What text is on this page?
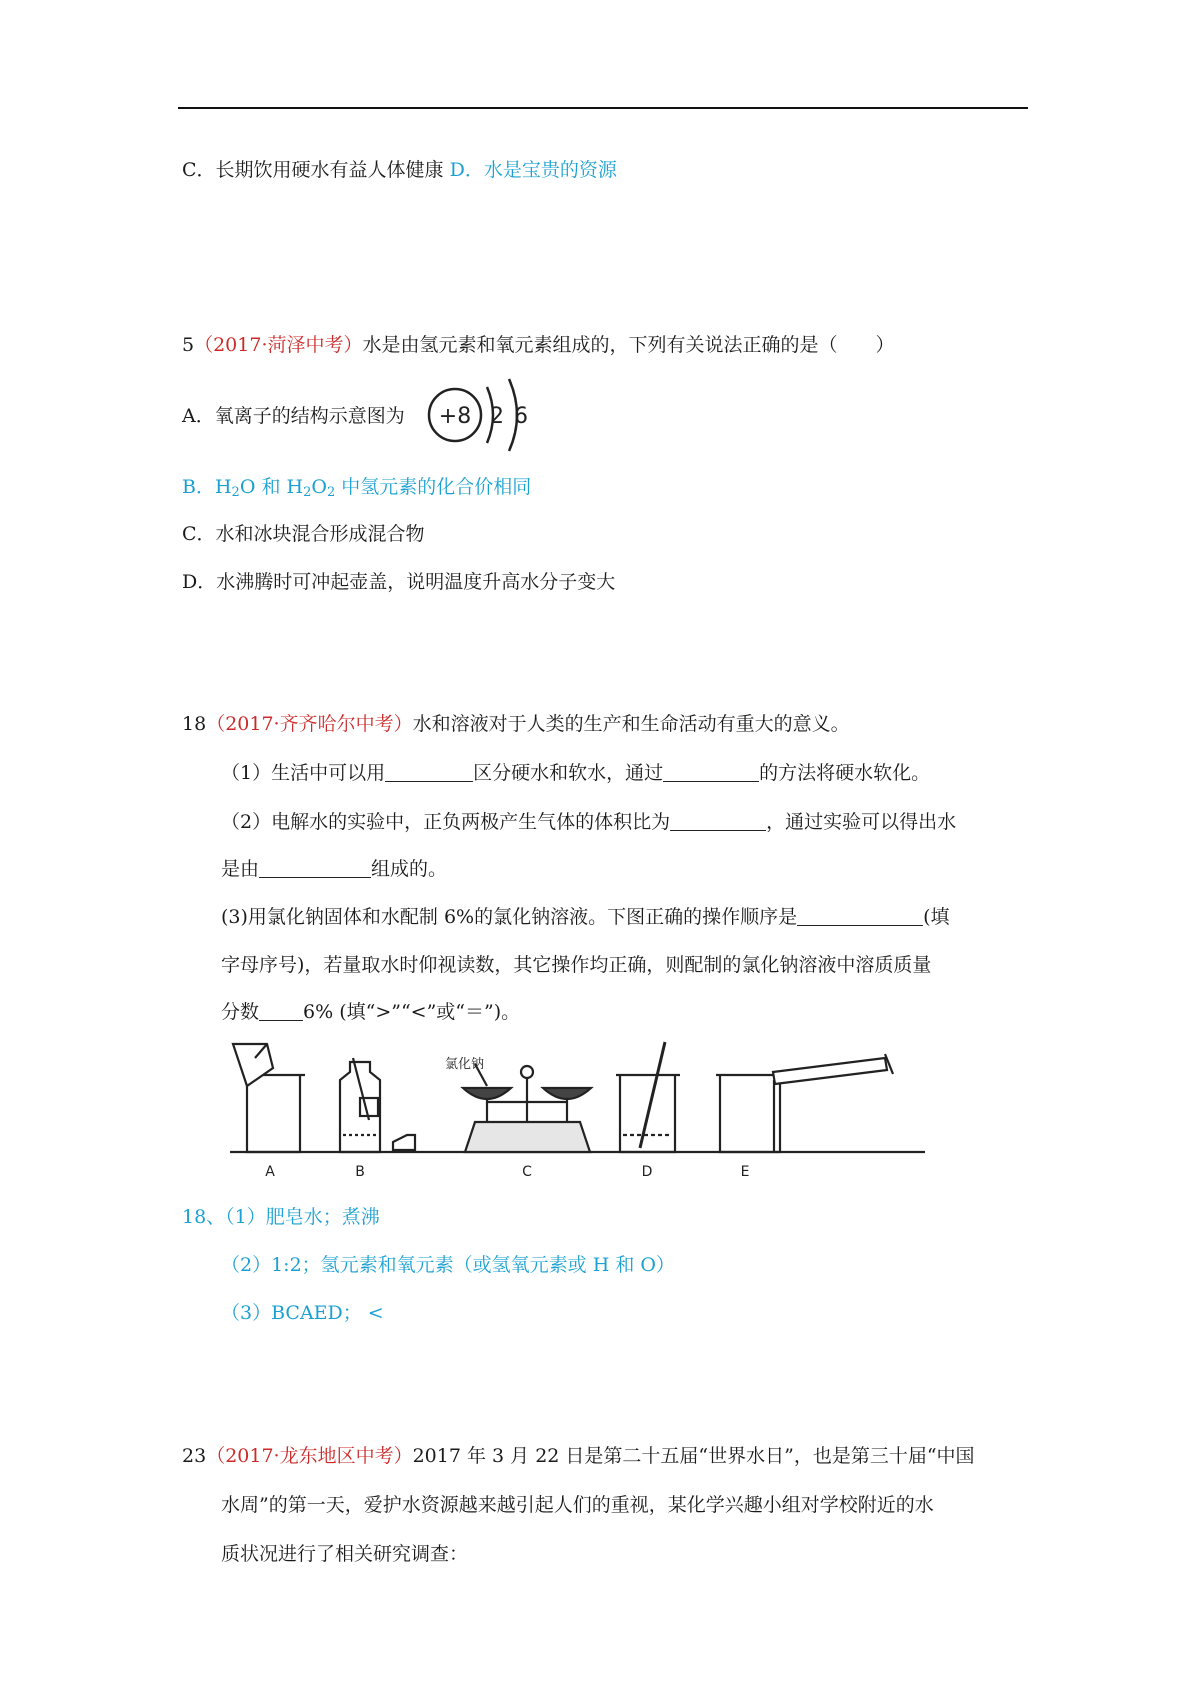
C．长期饮用硬水有益人体健康 D．水是宝贵的资源
5（2017·菏泽中考）水是由氢元素和氧元素组成的，下列有关说法正确的是（　　）
A．氧离子的结构示意图为 +8 2 6
B．$H_2O$ 和 $H_2O_2$ 中氢元素的化合价相同
C．水和冰块混合形成混合物
D．水沸腾时可冲起壶盖，说明温度升高水分子变大
18（2017·齐齐哈尔中考）水和溶液对于人类的生产和生命活动有重大的意义。
（1）生活中可以用	区分硬水和软水，通过	的方法将硬水软化。
（2）电解水的实验中，正负两极产生气体的体积比为	，通过实验可以得出水
是由	组成的。
(3)用氯化钠固体和水配制 6%的氯化钠溶液。下图正确的操作顺序是	(填
字母序号)，若量取水时仰视读数，其它操作均正确，则配制的氯化钠溶液中溶质质量
分数 6% (填“>”“<”或“＝”)。
氯化钠
A	B	C	D	E
18、（1）肥皂水；煮沸
（2）1:2；氢元素和氧元素（或氢氧元素或 H 和 O）
（3）BCAED； <
23（2017·龙东地区中考）2017 年 3 月 22 日是第二十五届“世界水日”，也是第三十届“中国
水周”的第一天，爱护水资源越来越引起人们的重视，某化学兴趣小组对学校附近的水
质状况进行了相关研究调查：
